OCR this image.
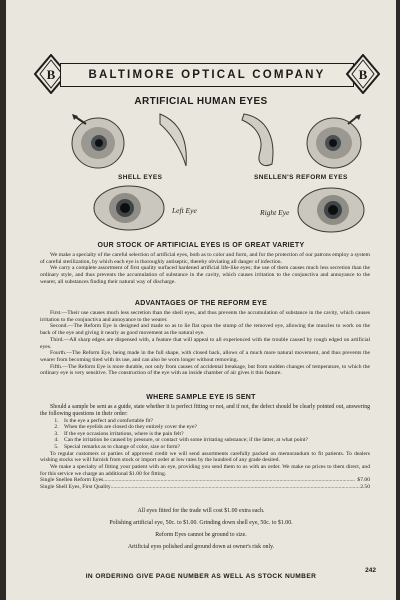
B	BALTIMORE OPTICAL COMPANY	B
ARTIFICIAL HUMAN EYES
SHELL EYES	SNELLEN'S REFORM EYES
Left Eye	Right Eye
OUR STOCK OF ARTIFICIAL EYES IS OF GREAT VARIETY

We make a specialty of the careful selection of artificial eyes, both as to color and form, and for the protection of our patrons employ a system of careful sterilization, by which each eye is thoroughly antiseptic, thereby obviating all danger of infection.

We carry a complete assortment of first quality surfaced hardened artificial life-like eyes; the use of them causes much less secretion than the ordinary style, and thus prevents the accumulation of substance in the cavity, which causes irritation to the conjunctiva and annoyance to the wearer, all substances finding their natural way of discharge.

ADVANTAGES OF THE REFORM EYE

First.—Their use causes much less secretion than the shell eyes, and thus prevents the accumulation of substance in the cavity, which causes irritation to the conjunctiva and annoyance to the wearer.

Second.—The Reform Eye is designed and made so as to lie flat upon the stump of the removed eye, allowing the muscles to work on the back of the eye and giving it nearly as good movement as the natural eye.

Third.—All sharp edges are dispensed with, a feature that will appeal to all experienced with the trouble caused by rough edged on artificial eyes.

Fourth.—The Reform Eye, being made in the full shape, with closed back, allows of a much more natural movement, and thus prevents the wearer from becoming tired with its use, and can also be worn longer without removing.

Fifth.—The Reform Eye is more durable, not only from causes of accidental breakage, but from sudden changes of temperature, to which the ordinary eye is very sensitive. The construction of the eye with an inside chamber of air gives it this feature.

WHERE SAMPLE EYE IS SENT

Should a sample be sent as a guide, state whether it is perfect fitting or not, and if not, the defect should be clearly pointed out, answering the following questions in their order:

1. Is the eye a perfect and comfortable fit?
2. When the eyelids are closed do they entirely cover the eye?
3. If the eye occasions irritations, where is the pain felt?
4. Can the irritation be caused by pressure, or contact with some irritating substance; if the latter, at what point?
5. Special remarks as to change of color, size or form?

To regular customers or parties of approved credit we will send assortments carefully packed on memorandum to fit patients. To dealers wishing stocks we will furnish from stock or import order at low rates by the hundred of any grade desired.

We make a specialty of fitting your patient with an eye, providing you send them to us with an order. We make no prices to them direct, and for this service we charge an additional $1.00 for fitting.

Single Snellen Reform Eyes .....	$7.00
Single Shell Eyes, First Quality .....	2.50
All eyes fitted for the trade will cost $1.00 extra each.
Polishing artificial eye, 50c. to $1.00. Grinding down shell eye, 50c. to $1.00.
Reform Eyes cannot be ground to size.
Artificial eyes polished and ground down at owner's risk only.
IN ORDERING GIVE PAGE NUMBER AS WELL AS STOCK NUMBER
242
